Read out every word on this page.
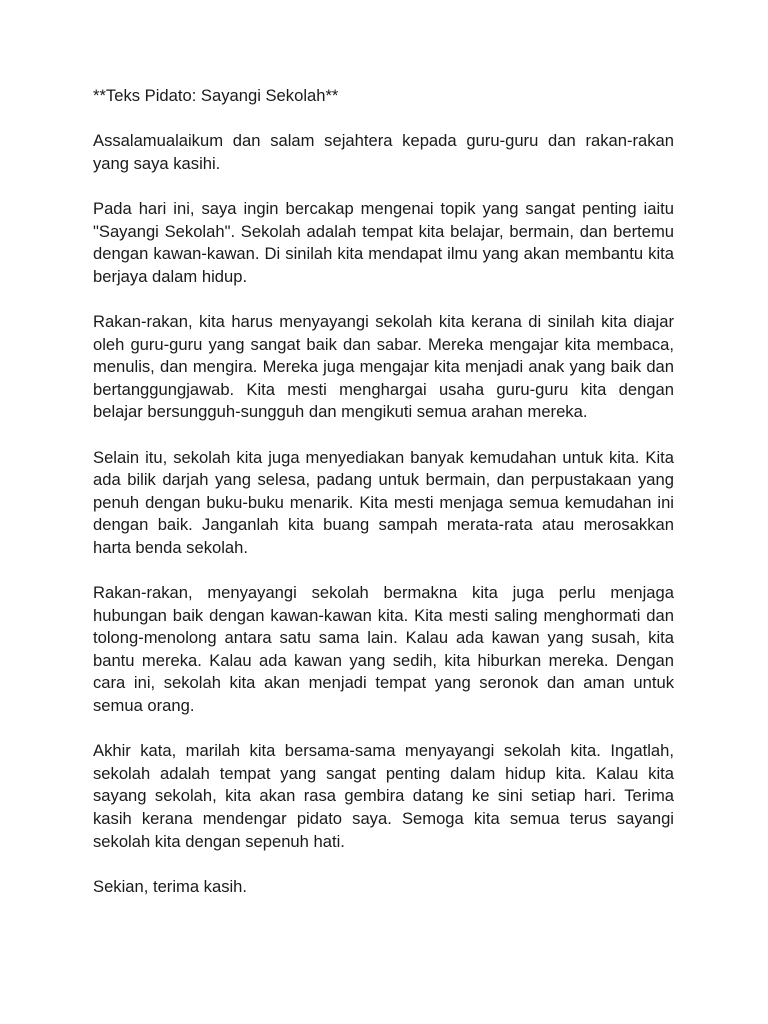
**Teks Pidato: Sayangi Sekolah**

Assalamualaikum dan salam sejahtera kepada guru-guru dan rakan-rakan yang saya kasihi.

Pada hari ini, saya ingin bercakap mengenai topik yang sangat penting iaitu "Sayangi Sekolah". Sekolah adalah tempat kita belajar, bermain, dan bertemu dengan kawan-kawan. Di sinilah kita mendapat ilmu yang akan membantu kita berjaya dalam hidup.

Rakan-rakan, kita harus menyayangi sekolah kita kerana di sinilah kita diajar oleh guru-guru yang sangat baik dan sabar. Mereka mengajar kita membaca, menulis, dan mengira. Mereka juga mengajar kita menjadi anak yang baik dan bertanggungjawab. Kita mesti menghargai usaha guru-guru kita dengan belajar bersungguh-sungguh dan mengikuti semua arahan mereka.

Selain itu, sekolah kita juga menyediakan banyak kemudahan untuk kita. Kita ada bilik darjah yang selesa, padang untuk bermain, dan perpustakaan yang penuh dengan buku-buku menarik. Kita mesti menjaga semua kemudahan ini dengan baik. Janganlah kita buang sampah merata-rata atau merosakkan harta benda sekolah.

Rakan-rakan, menyayangi sekolah bermakna kita juga perlu menjaga hubungan baik dengan kawan-kawan kita. Kita mesti saling menghormati dan tolong-menolong antara satu sama lain. Kalau ada kawan yang susah, kita bantu mereka. Kalau ada kawan yang sedih, kita hiburkan mereka. Dengan cara ini, sekolah kita akan menjadi tempat yang seronok dan aman untuk semua orang.

Akhir kata, marilah kita bersama-sama menyayangi sekolah kita. Ingatlah, sekolah adalah tempat yang sangat penting dalam hidup kita. Kalau kita sayang sekolah, kita akan rasa gembira datang ke sini setiap hari. Terima kasih kerana mendengar pidato saya. Semoga kita semua terus sayangi sekolah kita dengan sepenuh hati.

Sekian, terima kasih.
